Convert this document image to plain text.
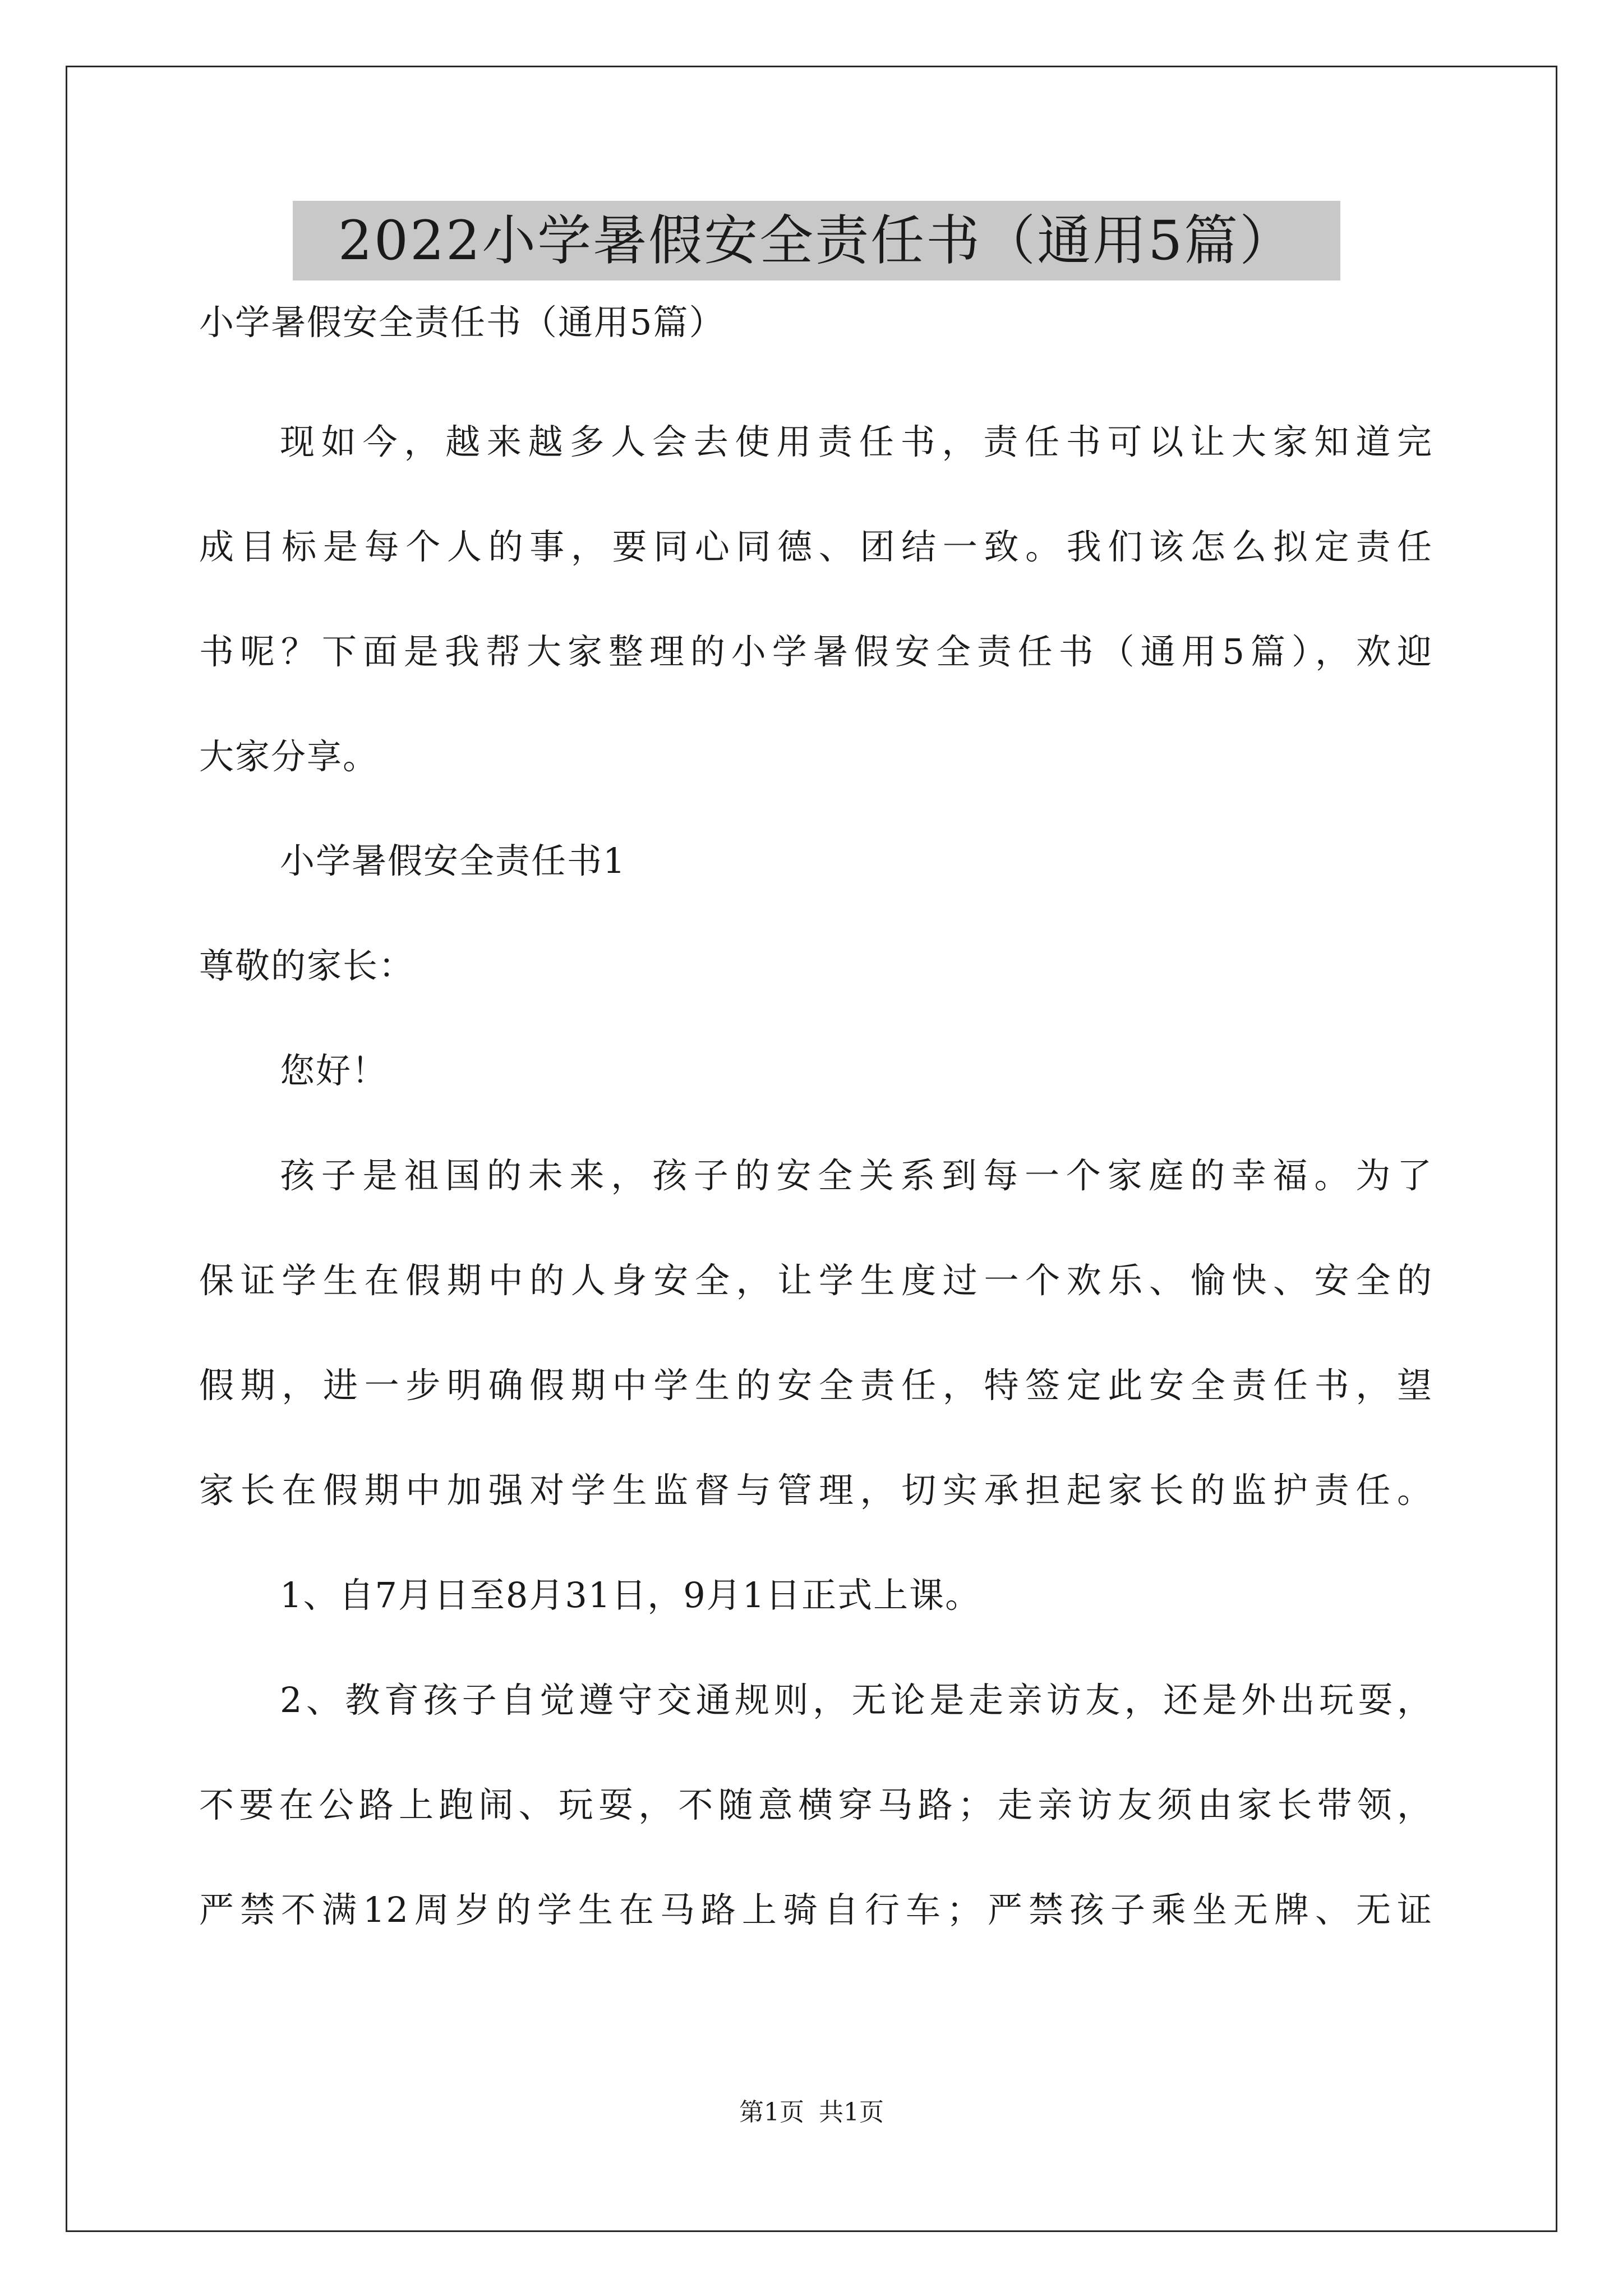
2022小学暑假安全责任书（通用5篇）
小学暑假安全责任书（通用5篇）
现如今，越来越多人会去使用责任书，责任书可以让大家知道完
成目标是每个人的事，要同心同德、团结一致。我们该怎么拟定责任
书呢？下面是我帮大家整理的小学暑假安全责任书（通用5篇），欢迎
大家分享。
小学暑假安全责任书1
尊敬的家长：
您好！
孩子是祖国的未来，孩子的安全关系到每一个家庭的幸福。为了
保证学生在假期中的人身安全，让学生度过一个欢乐、愉快、安全的
假期，进一步明确假期中学生的安全责任，特签定此安全责任书，望
家长在假期中加强对学生监督与管理，切实承担起家长的监护责任。
1、自7月日至8月31日，9月1日正式上课。
2、教育孩子自觉遵守交通规则，无论是走亲访友，还是外出玩耍，
不要在公路上跑闹、玩耍，不随意横穿马路；走亲访友须由家长带领，
严禁不满12周岁的学生在马路上骑自行车；严禁孩子乘坐无牌、无证
第1页 共1页
